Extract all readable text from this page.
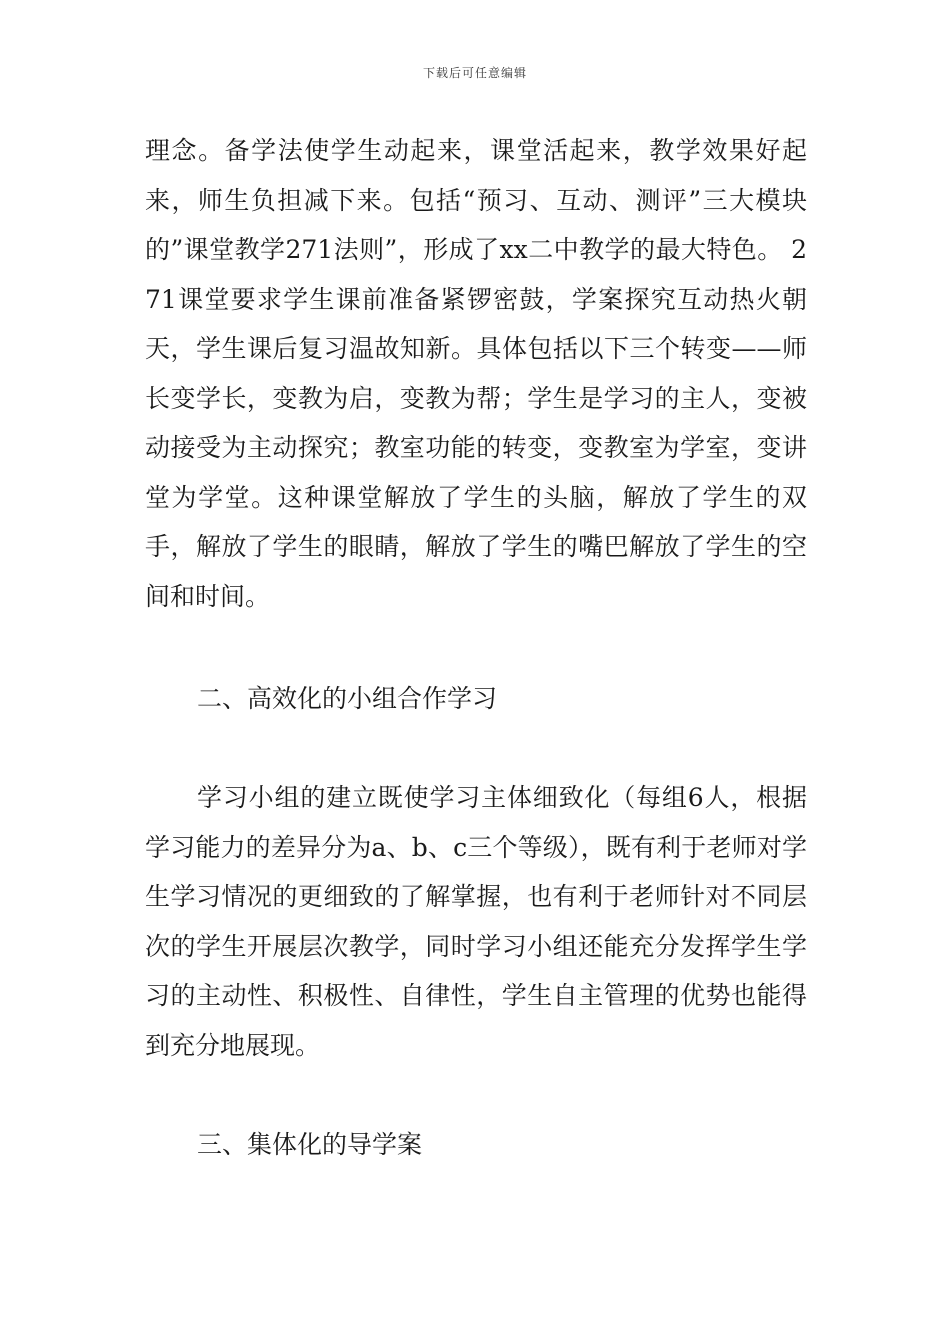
下载后可任意编辑

理念。备学法使学生动起来，课堂活起来，教学效果好起来，师生负担减下来。包括“预习、互动、测评”三大模块的”课堂教学271法则”，形成了xx二中教学的最大特色。 271课堂要求学生课前准备紧锣密鼓，学案探究互动热火朝天，学生课后复习温故知新。具体包括以下三个转变——师长变学长，变教为启，变教为帮；学生是学习的主人，变被动接受为主动探究；教室功能的转变，变教室为学室，变讲堂为学堂。这种课堂解放了学生的头脑，解放了学生的双手，解放了学生的眼睛，解放了学生的嘴巴解放了学生的空间和时间。

二、高效化的小组合作学习

学习小组的建立既使学习主体细致化（每组6人，根据学习能力的差异分为a、b、c三个等级），既有利于老师对学生学习情况的更细致的了解掌握，也有利于老师针对不同层次的学生开展层次教学，同时学习小组还能充分发挥学生学习的主动性、积极性、自律性，学生自主管理的优势也能得到充分地展现。

三、集体化的导学案
